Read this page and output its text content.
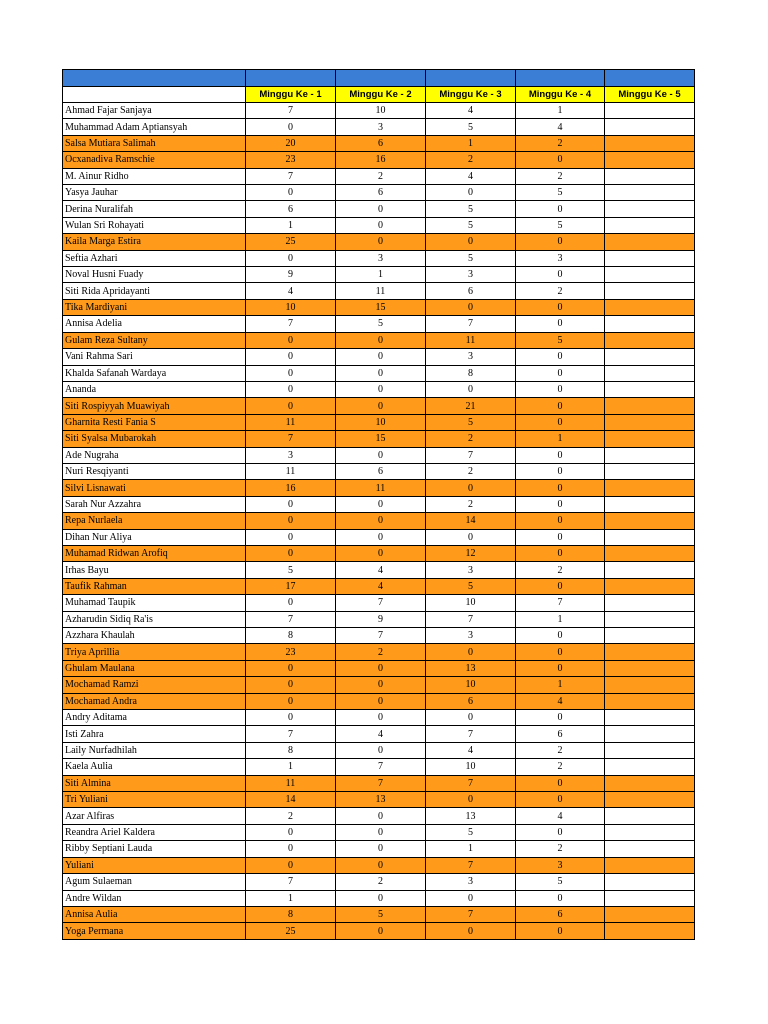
	Minggu Ke - 1	Minggu Ke - 2	Minggu Ke - 3	Minggu Ke - 4	Minggu Ke - 5
Ahmad Fajar Sanjaya	7	10	4	1	
Muhammad Adam Aptiansyah	0	3	5	4	
Salsa Mutiara Salimah	20	6	1	2	
Ocxanadiva Ramschie	23	16	2	0	
M. Ainur Ridho	7	2	4	2	
Yasya Jauhar	0	6	0	5	
Derina Nuralifah	6	0	5	0	
Wulan Sri Rohayati	1	0	5	5	
Kaila Marga Estira	25	0	0	0	
Seftia Azhari	0	3	5	3	
Noval Husni Fuady	9	1	3	0	
Siti Rida Apridayanti	4	11	6	2	
Tika Mardiyani	10	15	0	0	
Annisa Adelia	7	5	7	0	
Gulam Reza Sultany	0	0	11	5	
Vani Rahma Sari	0	0	3	0	
Khalda Safanah Wardaya	0	0	8	0	
Ananda	0	0	0	0	
Siti Rospiyyah Muawiyah	0	0	21	0	
Gharnita Resti Fania S	11	10	5	0	
Siti Syalsa Mubarokah	7	15	2	1	
Ade Nugraha	3	0	7	0	
Nuri Resqiyanti	11	6	2	0	
Silvi Lisnawati	16	11	0	0	
Sarah Nur Azzahra	0	0	2	0	
Repa Nurlaela	0	0	14	0	
Dihan Nur Aliya	0	0	0	0	
Muhamad Ridwan Arofiq	0	0	12	0	
Irhas Bayu	5	4	3	2	
Taufik Rahman	17	4	5	0	
Muhamad Taupik	0	7	10	7	
Azharudin Sidiq Ra'is	7	9	7	1	
Azzhara Khaulah	8	7	3	0	
Triya Aprillia	23	2	0	0	
Ghulam Maulana	0	0	13	0	
Mochamad Ramzi	0	0	10	1	
Mochamad Andra	0	0	6	4	
Andry Aditama	0	0	0	0	
Isti Zahra	7	4	7	6	
Laily Nurfadhilah	8	0	4	2	
Kaela Aulia	1	7	10	2	
Siti Almina	11	7	7	0	
Tri Yuliani	14	13	0	0	
Azar Alfiras	2	0	13	4	
Reandra Ariel Kaldera	0	0	5	0	
Ribby Septiani Lauda	0	0	1	2	
Yuliani	0	0	7	3	
Agum Sulaeman	7	2	3	5	
Andre Wildan	1	0	0	0	
Annisa Aulia	8	5	7	6	
Yoga Permana	25	0	0	0	
